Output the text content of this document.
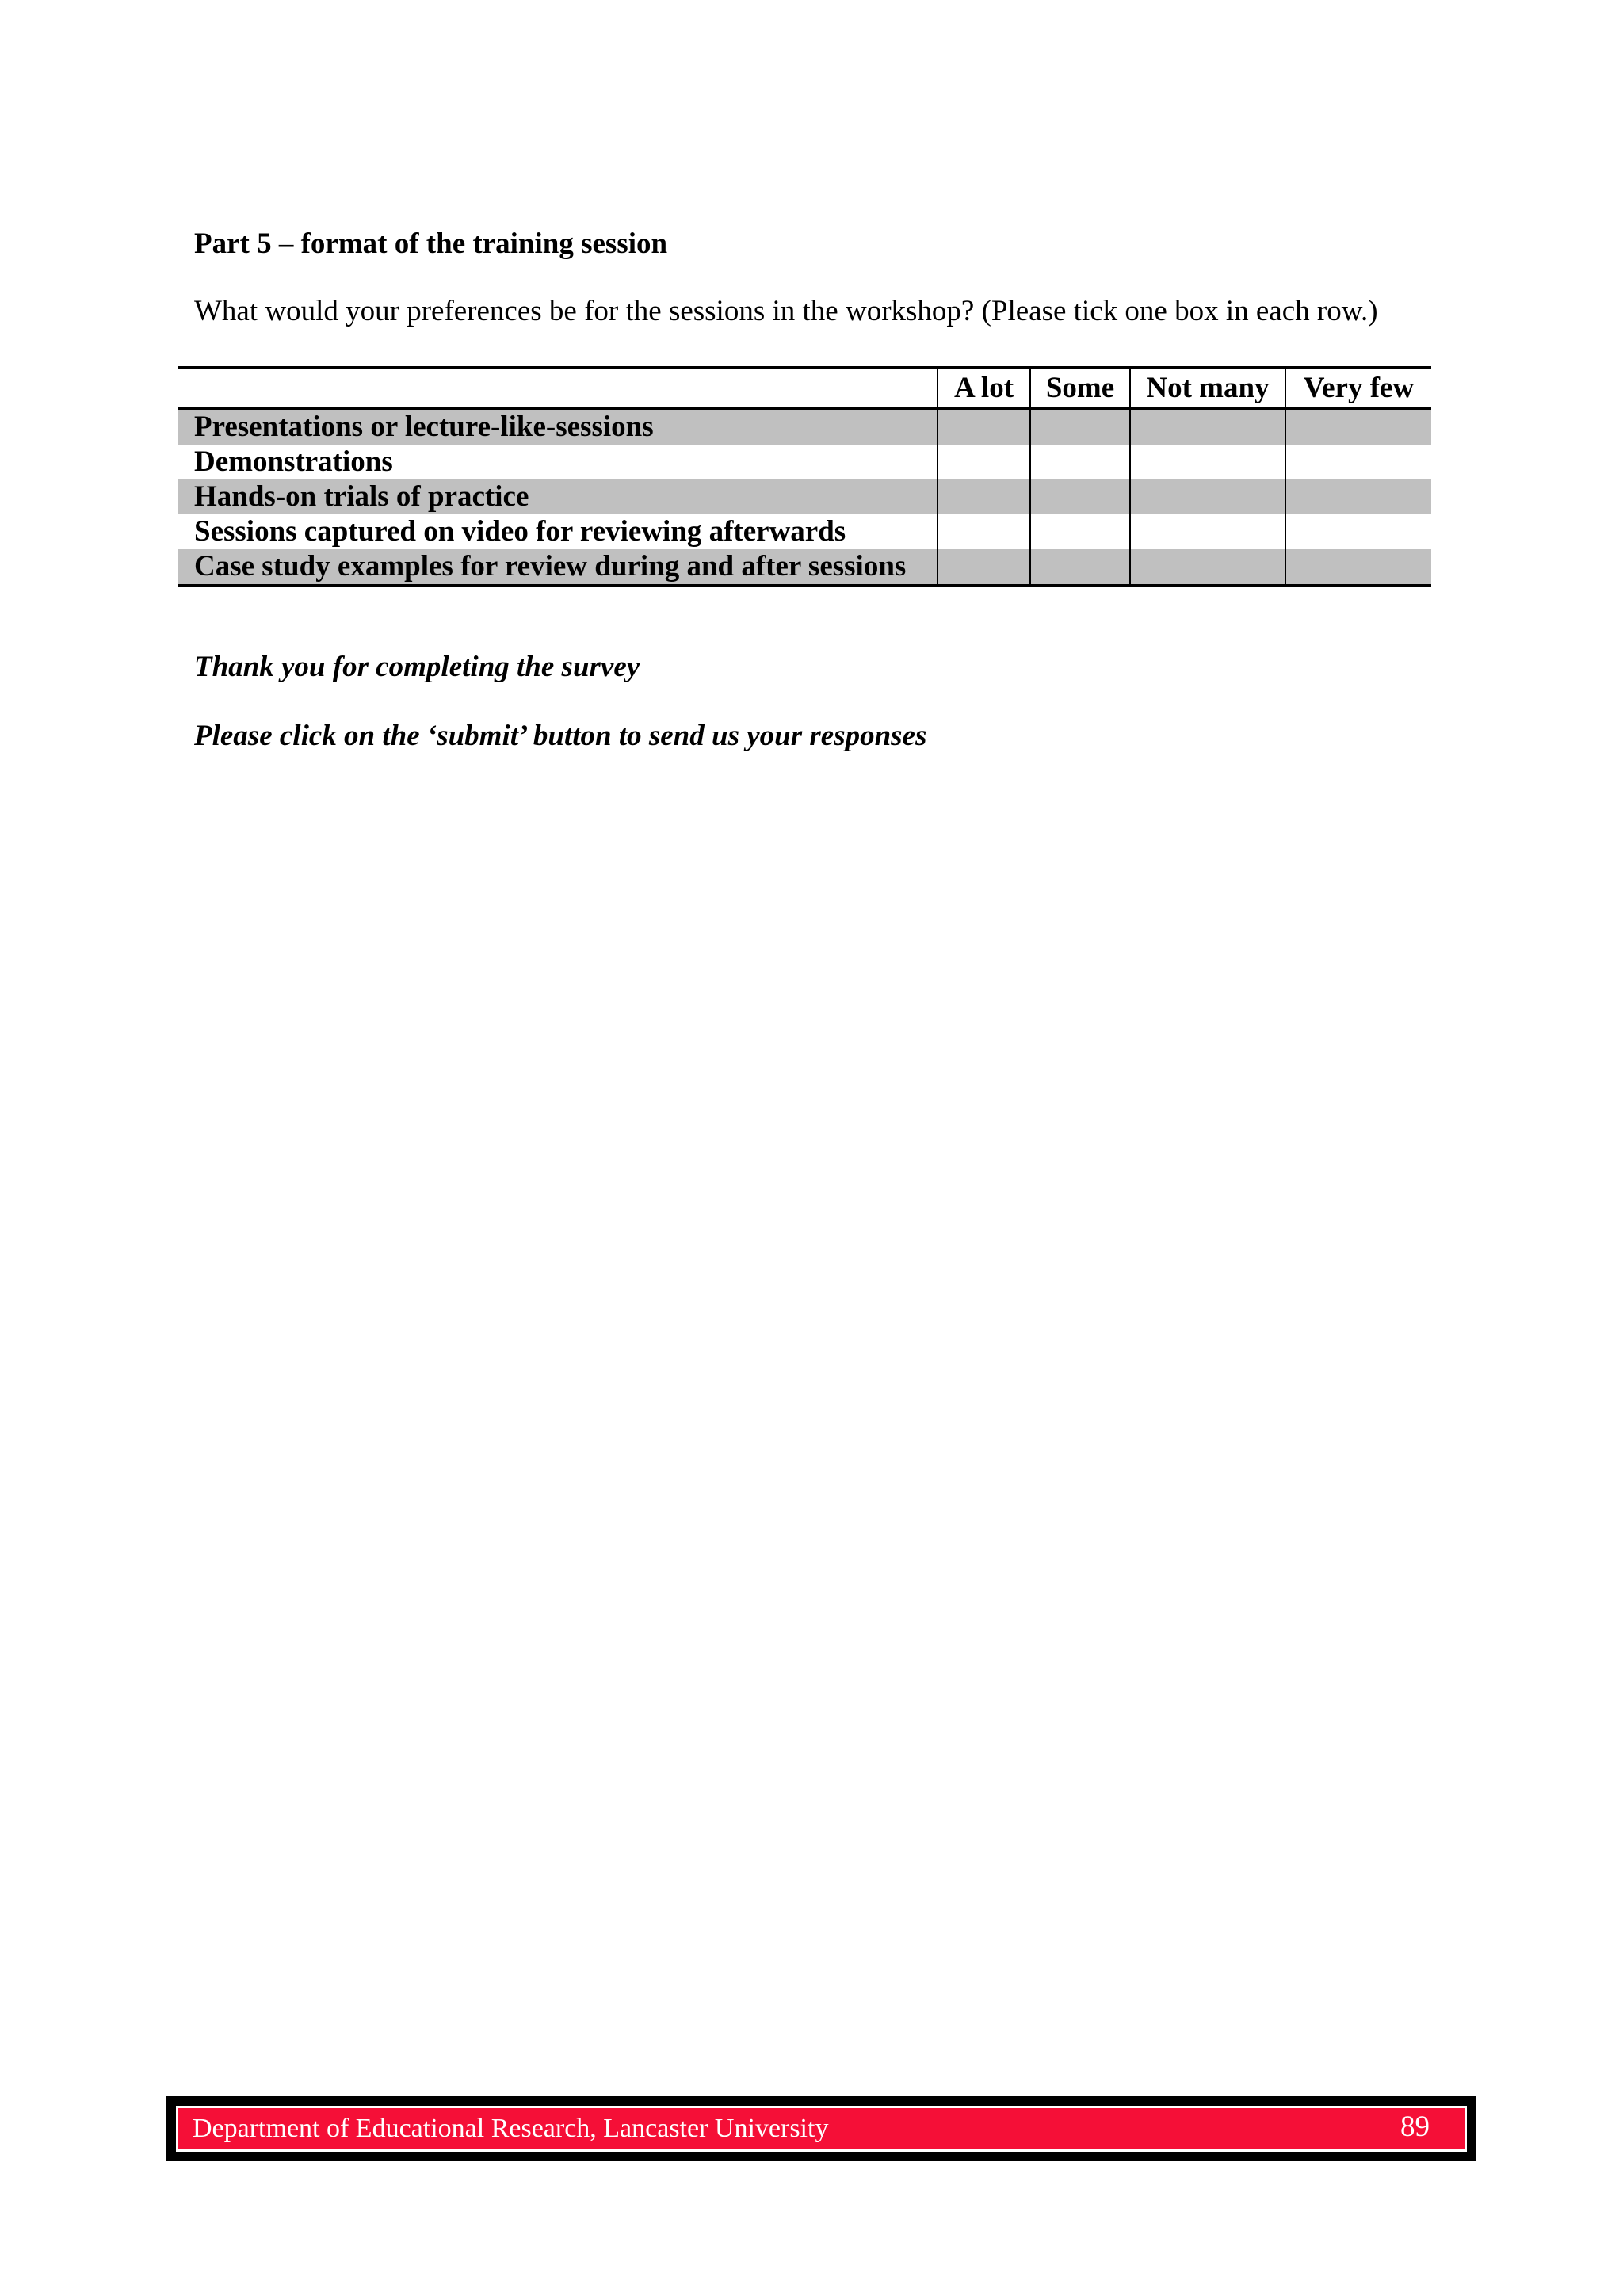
Part 5 – format of the training session

What would your preferences be for the sessions in the workshop? (Please tick one box in each row.)

	A lot	Some	Not many	Very few
Presentations or lecture-like-sessions				
Demonstrations				
Hands-on trials of practice				
Sessions captured on video for reviewing afterwards				
Case study examples for review during and after sessions				

Thank you for completing the survey

Please click on the ‘submit’ button to send us your responses

Department of Educational Research, Lancaster University	89
